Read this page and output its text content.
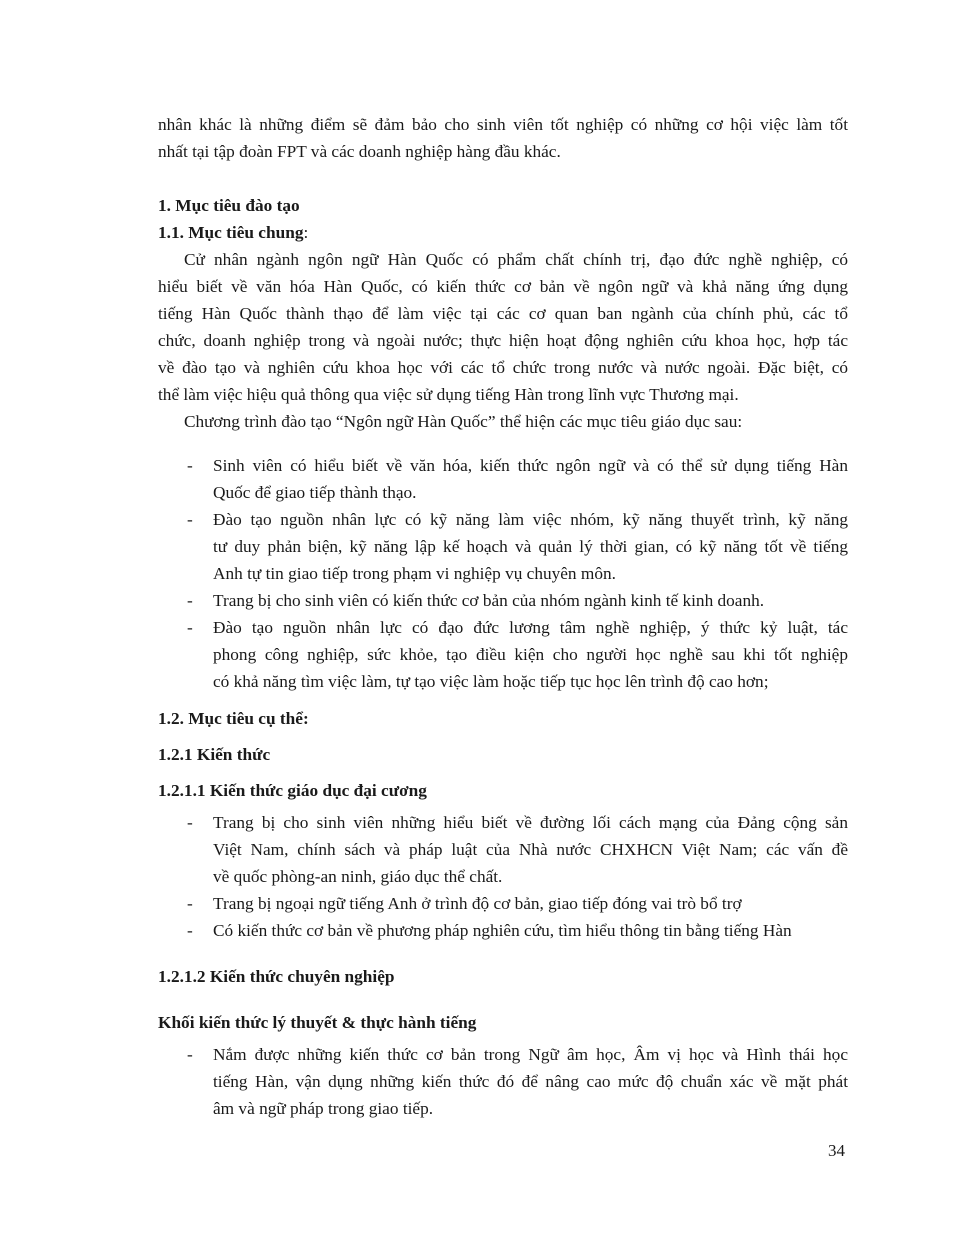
nhân khác là những điểm sẽ đảm bảo cho sinh viên tốt nghiệp có những cơ hội việc làm tốt
nhất tại tập đoàn FPT và các doanh nghiệp hàng đầu khác.
1. Mục tiêu đào tạo
1.1. Mục tiêu chung:
Cử nhân ngành ngôn ngữ Hàn Quốc có phẩm chất chính trị, đạo đức nghề nghiệp, có
hiểu biết về văn hóa Hàn Quốc, có kiến thức cơ bản về ngôn ngữ và khả năng ứng dụng
tiếng Hàn Quốc thành thạo để làm việc tại các cơ quan ban ngành của chính phủ, các tổ
chức, doanh nghiệp trong và ngoài nước; thực hiện hoạt động nghiên cứu khoa học, hợp tác
về đào tạo và nghiên cứu khoa học với các tổ chức trong nước và nước ngoài. Đặc biệt, có
thể làm việc hiệu quả thông qua việc sử dụng tiếng Hàn trong lĩnh vực Thương mại.
Chương trình đào tạo “Ngôn ngữ Hàn Quốc” thể hiện các mục tiêu giáo dục sau:
- Sinh viên có hiểu biết về văn hóa, kiến thức ngôn ngữ và có thể sử dụng tiếng Hàn
Quốc để giao tiếp thành thạo.
- Đào tạo nguồn nhân lực có kỹ năng làm việc nhóm, kỹ năng thuyết trình, kỹ năng
tư duy phản biện, kỹ năng lập kế hoạch và quản lý thời gian, có kỹ năng tốt về tiếng
Anh tự tin giao tiếp trong phạm vi nghiệp vụ chuyên môn.
- Trang bị cho sinh viên có kiến thức cơ bản của nhóm ngành kinh tế kinh doanh.
- Đào tạo nguồn nhân lực có đạo đức lương tâm nghề nghiệp, ý thức kỷ luật, tác
phong công nghiệp, sức khỏe, tạo điều kiện cho người học nghề sau khi tốt nghiệp
có khả năng tìm việc làm, tự tạo việc làm hoặc tiếp tục học lên trình độ cao hơn;
1.2. Mục tiêu cụ thể:
1.2.1 Kiến thức
1.2.1.1 Kiến thức giáo dục đại cương
- Trang bị cho sinh viên những hiểu biết về đường lối cách mạng của Đảng cộng sản
Việt Nam, chính sách và pháp luật của Nhà nước CHXHCN Việt Nam; các vấn đề
về quốc phòng-an ninh, giáo dục thể chất.
- Trang bị ngoại ngữ tiếng Anh ở trình độ cơ bản, giao tiếp đóng vai trò bổ trợ
- Có kiến thức cơ bản về phương pháp nghiên cứu, tìm hiểu thông tin bằng tiếng Hàn
1.2.1.2 Kiến thức chuyên nghiệp
Khối kiến thức lý thuyết & thực hành tiếng
- Nắm được những kiến thức cơ bản trong Ngữ âm học, Âm vị học và Hình thái học
tiếng Hàn, vận dụng những kiến thức đó để nâng cao mức độ chuẩn xác về mặt phát
âm và ngữ pháp trong giao tiếp.
34
